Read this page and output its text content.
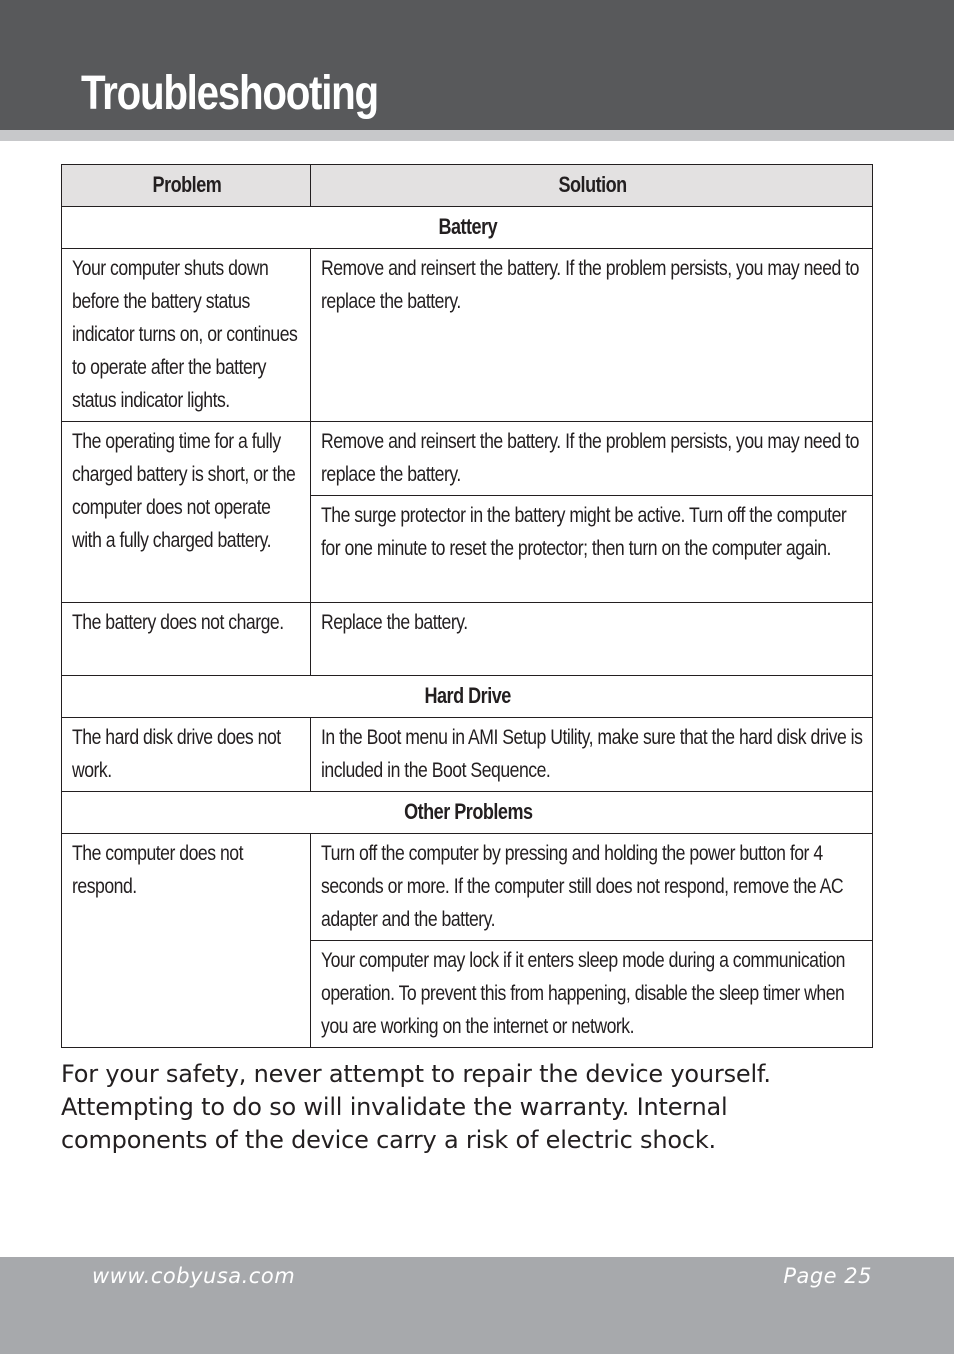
Troubleshooting
Problem	Solution
Battery	

Your computer shuts down before the battery status indicator turns on, or continues to operate after the battery status indicator lights.	Remove and reinsert the battery. If the problem persists, you may need to replace the battery.

The operating time for a fully charged battery is short, or the computer does not operate with a fully charged battery.	Remove and reinsert the battery. If the problem persists, you may need to replace the battery.

	The surge protector in the battery might be active. Turn off the computer for one minute to reset the protector; then turn on the computer again.

The battery does not charge.	Replace the battery.

Hard Drive	

The hard disk drive does not work.	In the Boot menu in AMI Setup Utility, make sure that the hard disk drive is included in the Boot Sequence.

Other Problems	

The computer does not respond.	Turn off the computer by pressing and holding the power button for 4 seconds or more. If the computer still does not respond, remove the AC adapter and the battery.

	Your computer may lock if it enters sleep mode during a communication operation. To prevent this from happening, disable the sleep timer when you are working on the internet or network.

For your safety, never attempt to repair the device yourself. Attempting to do so will invalidate the warranty. Internal components of the device carry a risk of electric shock.

www.cobyusa.com	Page 25
